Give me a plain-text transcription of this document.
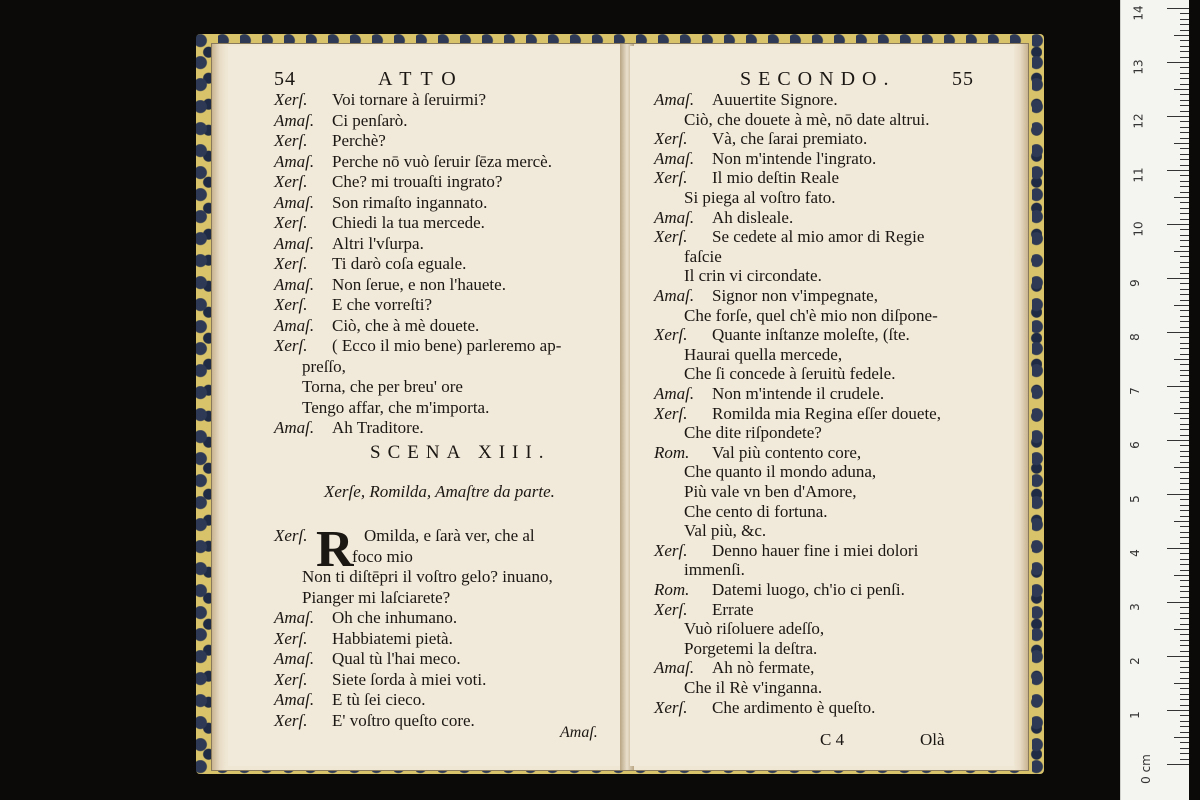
54	ATTO
Xerſ. Voi tornare à ſeruirmi?
Amaſ. Ci penſarò.
Xerſ. Perchè?
Amaſ. Perche nō vuò ſeruir ſēza mercè.
Xerſ. Che? mi trouaſti ingrato?
Amaſ. Son rimaſto ingannato.
Xerſ. Chiedi la tua mercede.
Amaſ. Altri l'vſurpa.
Xerſ. Ti darò coſa eguale.
Amaſ. Non ſerue, e non l'hauete.
Xerſ. E che vorreſti?
Amaſ. Ciò, che à mè douete.
Xerſ. ( Ecco il mio bene) parleremo ap-
preſſo,
Torna, che per breu' ore
Tengo affar, che m'importa.
Amaſ. Ah Traditore.
SCENA XIII.
Xerſe, Romilda, Amaſtre da parte.
R
Xerſ.	Omilda, e ſarà ver, che al
foco mio
Non ti diſtēpri il voſtro gelo? inuano,
Pianger mi laſciarete?
Amaſ. Oh che inhumano.
Xerſ. Habbiatemi pietà.
Amaſ. Qual tù l'hai meco.
Xerſ. Siete ſorda à miei voti.
Amaſ. E tù ſei cieco.
Xerſ. E' voſtro queſto core.
Amaſ.
SECONDO.	55
Amaſ. Auuertite Signore.
Ciò, che douete à mè, nō date altrui.
Xerſ. Và, che ſarai premiato.
Amaſ. Non m'intende l'ingrato.
Xerſ. Il mio deſtin Reale
Si piega al voſtro fato.
Amaſ. Ah disleale.
Xerſ. Se cedete al mio amor di Regie
faſcie
Il crin vi circondate.
Amaſ. Signor non v'impegnate,
Che forſe, quel ch'è mio non diſpone-
Xerſ. Quante inſtanze moleſte, (ſte.
Haurai quella mercede,
Che ſi concede à ſeruitù fedele.
Amaſ. Non m'intende il crudele.
Xerſ. Romilda mia Regina eſſer douete,
Che dite riſpondete?
Rom. Val più contento core,
Che quanto il mondo aduna,
Più vale vn ben d'Amore,
Che cento di fortuna.
Val più, &c.
Xerſ. Denno hauer fine i miei dolori
immenſi.
Rom. Datemi luogo, ch'io ci penſi.
Xerſ. Errate
Vuò riſoluere adeſſo,
Porgetemi la deſtra.
Amaſ. Ah nò fermate,
Che il Rè v'inganna.
Xerſ. Che ardimento è queſto.
C 4	Olà
14
13
12
11
10
9
8
7
6
5
4
3
2
1
0 cm
